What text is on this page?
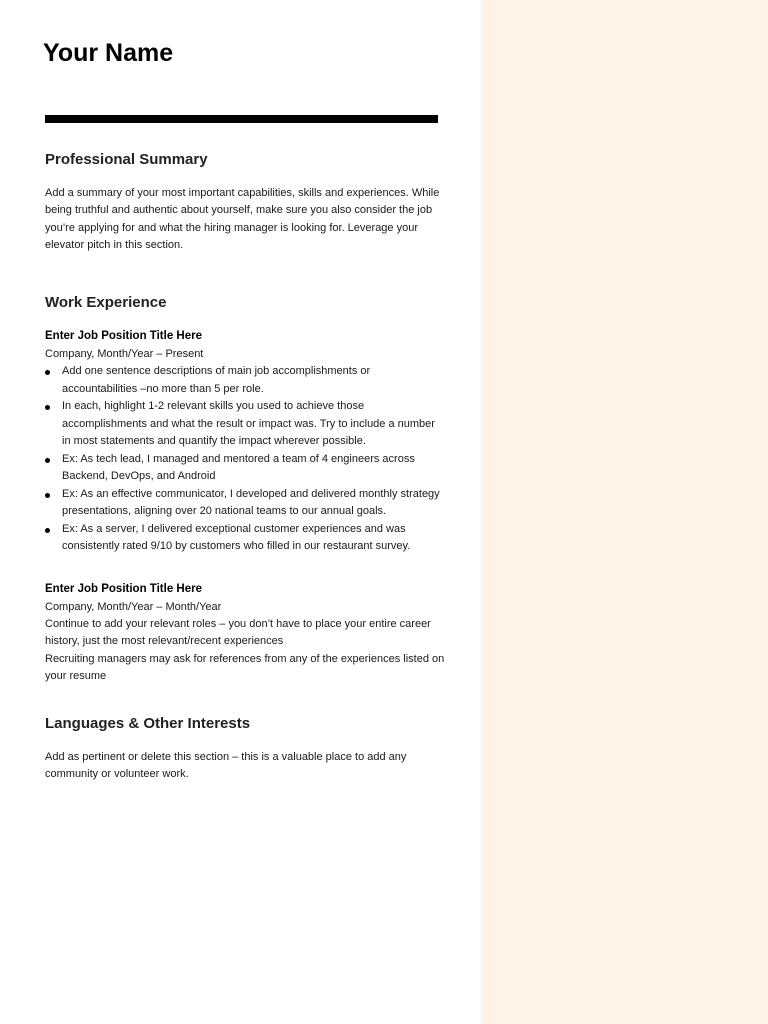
Your Name
Professional Summary

Add a summary of your most important capabilities, skills and experiences. While being truthful and authentic about yourself, make sure you also consider the job you’re applying for and what the hiring manager is looking for. Leverage your elevator pitch in this section.

Work Experience
Enter Job Position Title Here
Company, Month/Year – Present
Add one sentence descriptions of main job accomplishments or accountabilities –no more than 5 per role.
In each, highlight 1-2 relevant skills you used to achieve those accomplishments and what the result or impact was. Try to include a number in most statements and quantify the impact wherever possible.
Ex: As tech lead, I managed and mentored a team of 4 engineers across Backend, DevOps, and Android
Ex: As an effective communicator, I developed and delivered monthly strategy presentations, aligning over 20 national teams to our annual goals.
Ex: As a server, I delivered exceptional customer experiences and was consistently rated 9/10 by customers who filled in our restaurant survey.
Enter Job Position Title Here
Company, Month/Year – Month/Year

Continue to add your relevant roles – you don’t have to place your entire career history, just the most relevant/recent experiences

Recruiting managers may ask for references from any of the experiences listed on your resume

Languages & Other Interests

Add as pertinent or delete this section – this is a valuable place to add any community or volunteer work.
